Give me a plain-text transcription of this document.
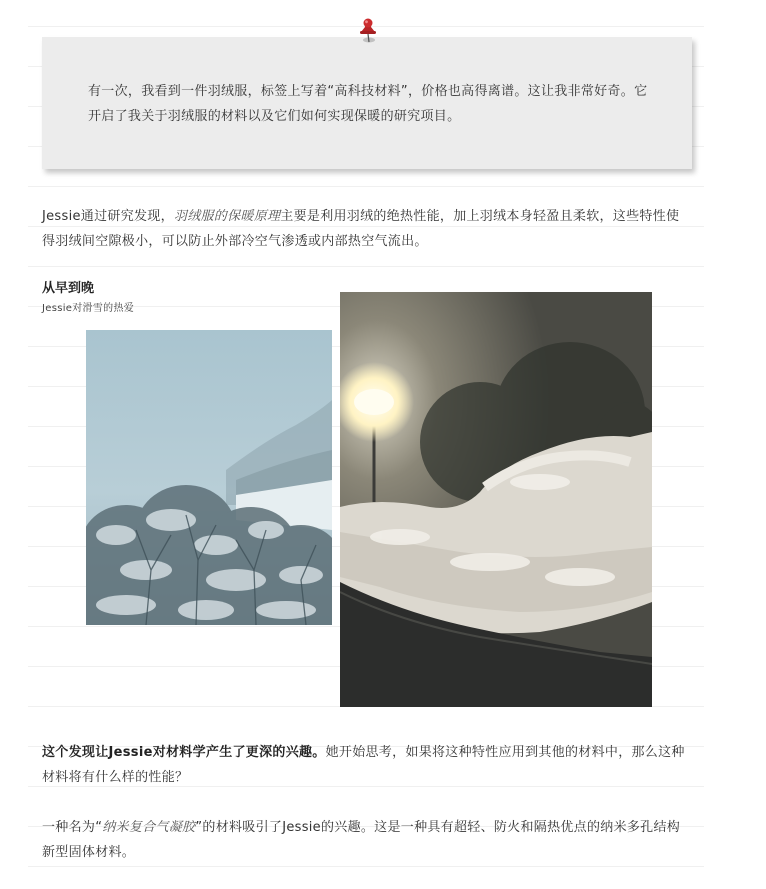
有一次，我看到一件羽绒服，标签上写着“高科技材料”，价格也高得离谱。这让我非常好奇。它开启了我关于羽绒服的材料以及它们如何实现保暖的研究项目。

Jessie通过研究发现，羽绒服的保暖原理主要是利用羽绒的绝热性能，加上羽绒本身轻盈且柔软，这些特性使得羽绒间空隙极小，可以防止外部冷空气渗透或内部热空气流出。

从早到晚

Jessie对滑雪的热爱

这个发现让Jessie对材料学产生了更深的兴趣。她开始思考，如果将这种特性应用到其他的材料中，那么这种材料将有什么样的性能？

一种名为“纳米复合气凝胶”的材料吸引了Jessie的兴趣。这是一种具有超轻、防火和隔热优点的纳米多孔结构新型固体材料。
